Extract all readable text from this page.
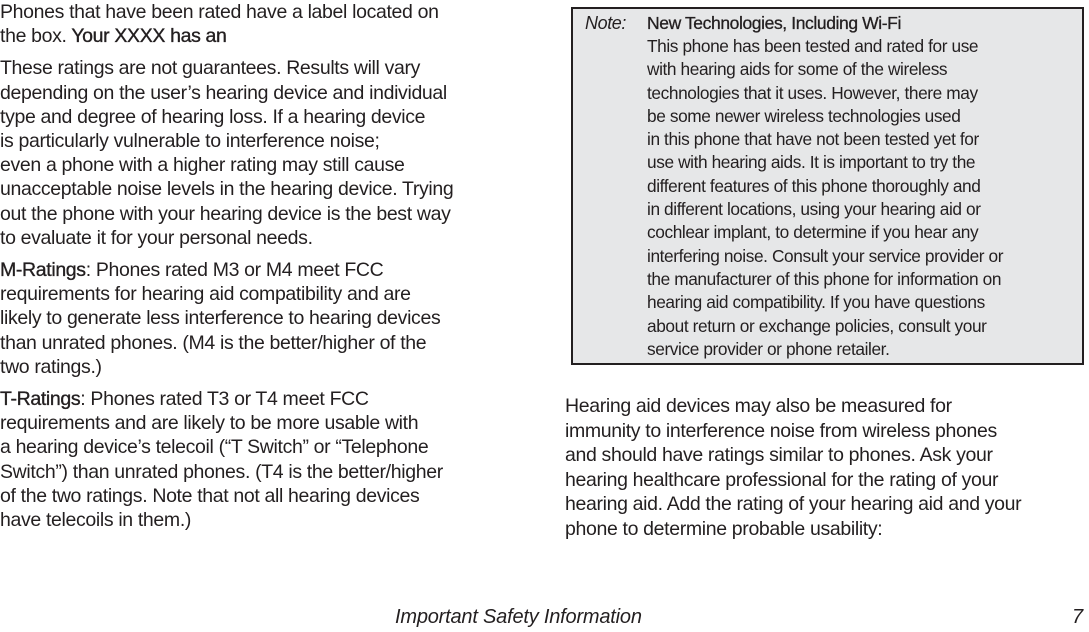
Phones that have been rated have a label located on
the box. Your XXXX has an

These ratings are not guarantees. Results will vary
depending on the user’s hearing device and individual
type and degree of hearing loss. If a hearing device
is particularly vulnerable to interference noise;
even a phone with a higher rating may still cause
unacceptable noise levels in the hearing device. Trying
out the phone with your hearing device is the best way
to evaluate it for your personal needs.

M-Ratings: Phones rated M3 or M4 meet FCC
requirements for hearing aid compatibility and are
likely to generate less interference to hearing devices
than unrated phones. (M4 is the better/higher of the
two ratings.)

T-Ratings: Phones rated T3 or T4 meet FCC
requirements and are likely to be more usable with
a hearing device’s telecoil (“T Switch” or “Telephone
Switch”) than unrated phones. (T4 is the better/higher
of the two ratings. Note that not all hearing devices
have telecoils in them.)

Note: New Technologies, Including Wi-Fi

This phone has been tested and rated for use
with hearing aids for some of the wireless
technologies that it uses. However, there may
be some newer wireless technologies used
in this phone that have not been tested yet for
use with hearing aids. It is important to try the
different features of this phone thoroughly and
in different locations, using your hearing aid or
cochlear implant, to determine if you hear any
interfering noise. Consult your service provider or
the manufacturer of this phone for information on
hearing aid compatibility. If you have questions
about return or exchange policies, consult your
service provider or phone retailer.

Hearing aid devices may also be measured for
immunity to interference noise from wireless phones
and should have ratings similar to phones. Ask your
hearing healthcare professional for the rating of your
hearing aid. Add the rating of your hearing aid and your
phone to determine probable usability:

Important Safety Information	7
